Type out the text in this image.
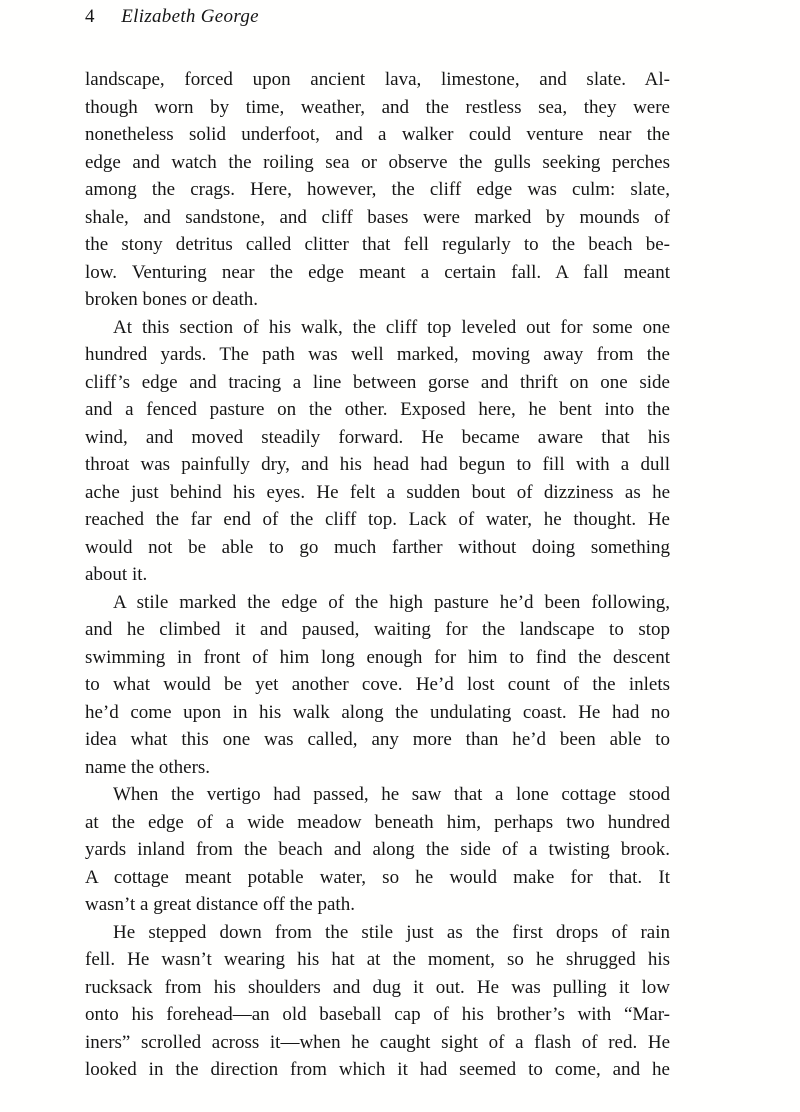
4 Elizabeth George
landscape, forced upon ancient lava, limestone, and slate. Al-
though worn by time, weather, and the restless sea, they were
nonetheless solid underfoot, and a walker could venture near the
edge and watch the roiling sea or observe the gulls seeking perches
among the crags. Here, however, the cliff edge was culm: slate,
shale, and sandstone, and cliff bases were marked by mounds of
the stony detritus called clitter that fell regularly to the beach be-
low. Venturing near the edge meant a certain fall. A fall meant
broken bones or death.
At this section of his walk, the cliff top leveled out for some one
hundred yards. The path was well marked, moving away from the
cliff’s edge and tracing a line between gorse and thrift on one side
and a fenced pasture on the other. Exposed here, he bent into the
wind, and moved steadily forward. He became aware that his
throat was painfully dry, and his head had begun to fill with a dull
ache just behind his eyes. He felt a sudden bout of dizziness as he
reached the far end of the cliff top. Lack of water, he thought. He
would not be able to go much farther without doing something
about it.
A stile marked the edge of the high pasture he’d been following,
and he climbed it and paused, waiting for the landscape to stop
swimming in front of him long enough for him to find the descent
to what would be yet another cove. He’d lost count of the inlets
he’d come upon in his walk along the undulating coast. He had no
idea what this one was called, any more than he’d been able to
name the others.
When the vertigo had passed, he saw that a lone cottage stood
at the edge of a wide meadow beneath him, perhaps two hundred
yards inland from the beach and along the side of a twisting brook.
A cottage meant potable water, so he would make for that. It
wasn’t a great distance off the path.
He stepped down from the stile just as the first drops of rain
fell. He wasn’t wearing his hat at the moment, so he shrugged his
rucksack from his shoulders and dug it out. He was pulling it low
onto his forehead—an old baseball cap of his brother’s with “Mar-
iners” scrolled across it—when he caught sight of a flash of red. He
looked in the direction from which it had seemed to come, and he
